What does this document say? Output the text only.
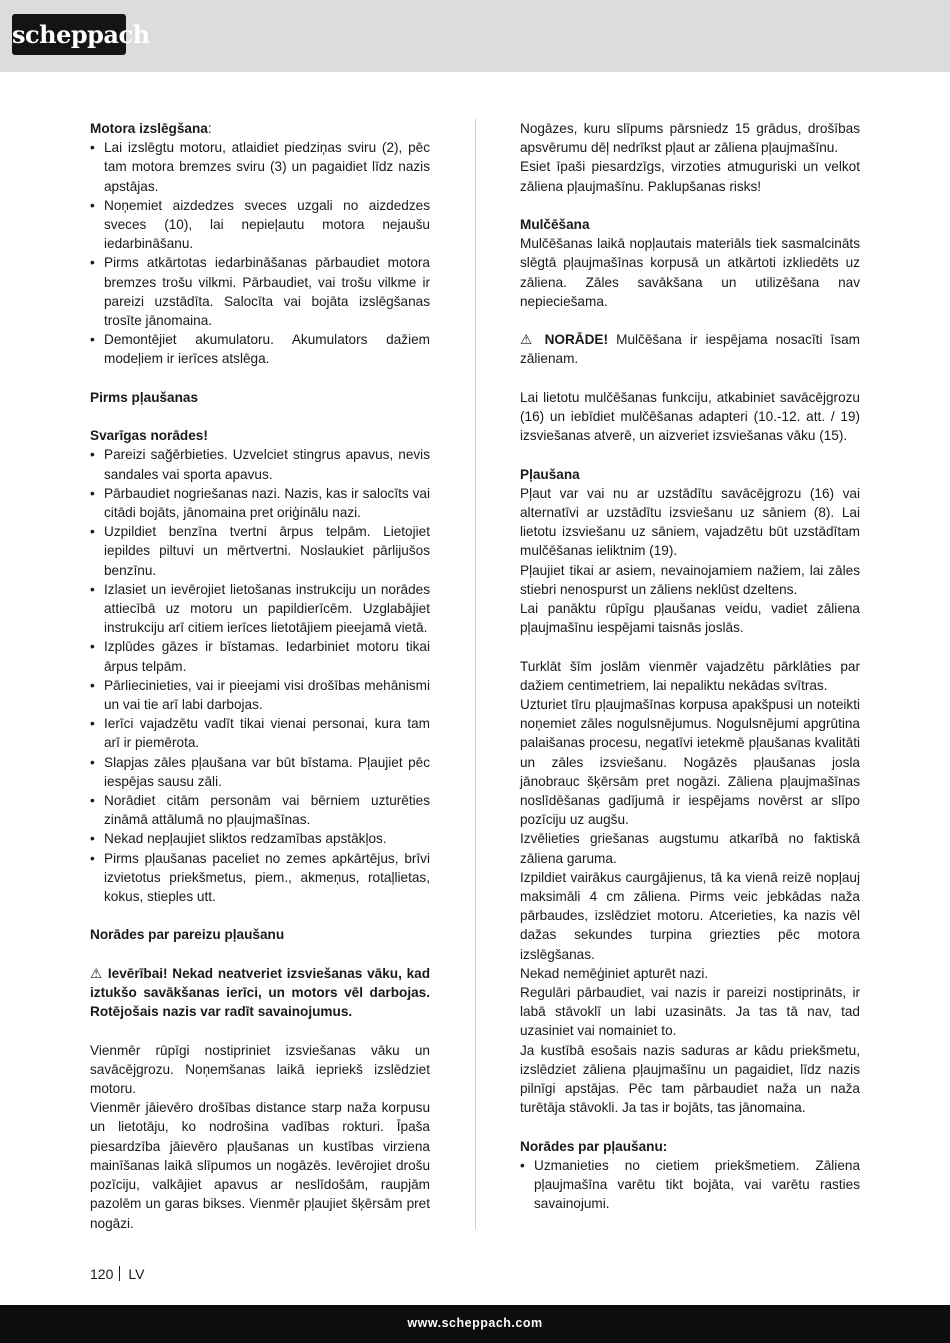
scheppach

Motora izslēgšana:

• Lai izslēgtu motoru, atlaidiet piedziņas sviru (2), pēc tam motora bremzes sviru (3) un pagaidiet līdz nazis apstājas.
• Noņemiet aizdedzes sveces uzgali no aizdedzes sveces (10), lai nepieļautu motora nejaušu iedarbināšanu.
• Pirms atkārtotas iedarbināšanas pārbaudiet motora bremzes trošu vilkmi. Pārbaudiet, vai trošu vilkme ir pareizi uzstādīta. Salocīta vai bojāta izslēgšanas trosīte jānomaina.
• Demontējiet akumulatoru. Akumulators dažiem modeļiem ir ierīces atslēga.

Pirms pļaušanas

Svarīgas norādes!

• Pareizi sağērbieties. Uzvelciet stingrus apavus, nevis sandales vai sporta apavus.
• Pārbaudiet nogriešanas nazi. Nazis, kas ir salocīts vai citādi bojāts, jānomaina pret oriģinālu nazi.
• Uzpildiet benzīna tvertni ārpus telpām. Lietojiet iepildes piltuvi un mērtvertni. Noslaukiet pārlijušos benzīnu.
• Izlasiet un ievērojiet lietošanas instrukciju un norādes attiecībā uz motoru un papildierīcēm. Uzglabājiet instrukciju arī citiem ierīces lietotājiem pieejamā vietā.
• Izplūdes gāzes ir bīstamas. Iedarbiniet motoru tikai ārpus telpām.
• Pārliecinieties, vai ir pieejami visi drošības mehānismi un vai tie arī labi darbojas.
• Ierīci vajadzētu vadīt tikai vienai personai, kura tam arī ir piemērota.
• Slapjas zāles pļaušana var būt bīstama. Pļaujiet pēc iespējas sausu zāli.
• Norādiet citām personām vai bērniem uzturēties zināmā attālumā no pļaujmašīnas.
• Nekad nepļaujiet sliktos redzamības apstākļos.
• Pirms pļaušanas paceliet no zemes apkārtējus, brīvi izvietotus priekšmetus, piem., akmeņus, rotaļlietas, kokus, stieples utt.

Norādes par pareizu pļaušanu

⚠ Ievērībai! Nekad neatveriet izsviešanas vāku, kad iztukšo savākšanas ierīci, un motors vēl darbojas. Rotējošais nazis var radīt savainojumus.

Vienmēr rūpīgi nostipriniet izsviešanas vāku un savācējgrozu. Noņemšanas laikā iepriekš izslēdziet motoru.

Vienmēr jāievēro drošības distance starp naža korpusu un lietotāju, ko nodrošina vadības rokturi. Īpaša piesardzība jāievēro pļaušanas un kustības virziena mainīšanas laikā slīpumos un nogāzēs. Ievērojiet drošu pozīciju, valkājiet apavus ar neslīdošām, raupjām pazolēm un garas bikses. Vienmēr pļaujiet šķērsām pret nogāzi.

Nogāzes, kuru slīpums pārsniedz 15 grādus, drošības apsvērumu dēļ nedrīkst pļaut ar zāliena pļaujmašīnu.

Esiet īpaši piesardzīgs, virzoties atmuguriski un velkot zāliena pļaujmašīnu. Paklupšanas risks!

Mulčēšana

Mulčēšanas laikā nopļautais materiāls tiek sasmalcināts slēgtā pļaujmašīnas korpusā un atkārtoti izkliedēts uz zāliena. Zāles savākšana un utilizēšana nav nepieciešama.

⚠ NORĀDE! Mulčēšana ir iespējama nosacīti īsam zālienam.

Lai lietotu mulčēšanas funkciju, atkabiniet savācējgrozu (16) un iebīdiet mulčēšanas adapteri (10.-12. att. / 19) izsviešanas atverē, un aizveriet izsviešanas vāku (15).

Pļaušana

Pļaut var vai nu ar uzstādītu savācējgrozu (16) vai alternatīvi ar uzstādītu izsviešanu uz sāniem (8). Lai lietotu izsviešanu uz sāniem, vajadzētu būt uzstādītam mulčēšanas ieliktnim (19).

Pļaujiet tikai ar asiem, nevainojamiem nažiem, lai zāles stiebri nenospurst un zāliens neklūst dzeltens.

Lai panāktu rūpīgu pļaušanas veidu, vadiet zāliena pļaujmašīnu iespējami taisnās joslās.

Turklāt šīm joslām vienmēr vajadzētu pārklāties par dažiem centimetriem, lai nepaliktu nekādas svītras.

Uzturiet tīru pļaujmašīnas korpusa apakšpusi un noteikti noņemiet zāles nogulsnējumus. Nogulsnējumi apgrūtina palaišanas procesu, negatīvi ietekmē pļaušanas kvalitāti un zāles izsviešanu. Nogāzēs pļaušanas josla jānobrauc šķērsām pret nogāzi. Zāliena pļaujmašīnas noslīdēšanas gadījumā ir iespējams novērst ar slīpo pozīciju uz augšu.

Izvēlieties griešanas augstumu atkarībā no faktiskā zāliena garuma.

Izpildiet vairākus caurgājienus, tā ka vienā reizē nopļauj maksimāli 4 cm zāliena. Pirms veic jebkādas naža pārbaudes, izslēdziet motoru. Atcerieties, ka nazis vēl dažas sekundes turpina griezties pēc motora izslēgšanas.

Nekad nemēģiniet apturēt nazi.

Regulāri pārbaudiet, vai nazis ir pareizi nostiprināts, ir labā stāvoklī un labi uzasināts. Ja tas tā nav, tad uzasiniet vai nomainiet to.

Ja kustībā esošais nazis saduras ar kādu priekšmetu, izslēdziet zāliena pļaujmašīnu un pagaidiet, līdz nazis pilnīgi apstājas. Pēc tam pārbaudiet naža un naža turētāja stāvokli. Ja tas ir bojāts, tas jānomaina.

Norādes par pļaušanu:

• Uzmanieties no cietiem priekšmetiem. Zāliena pļaujmašīna varētu tikt bojāta, vai varētu rasties savainojumi.
120 LV
www.scheppach.com
